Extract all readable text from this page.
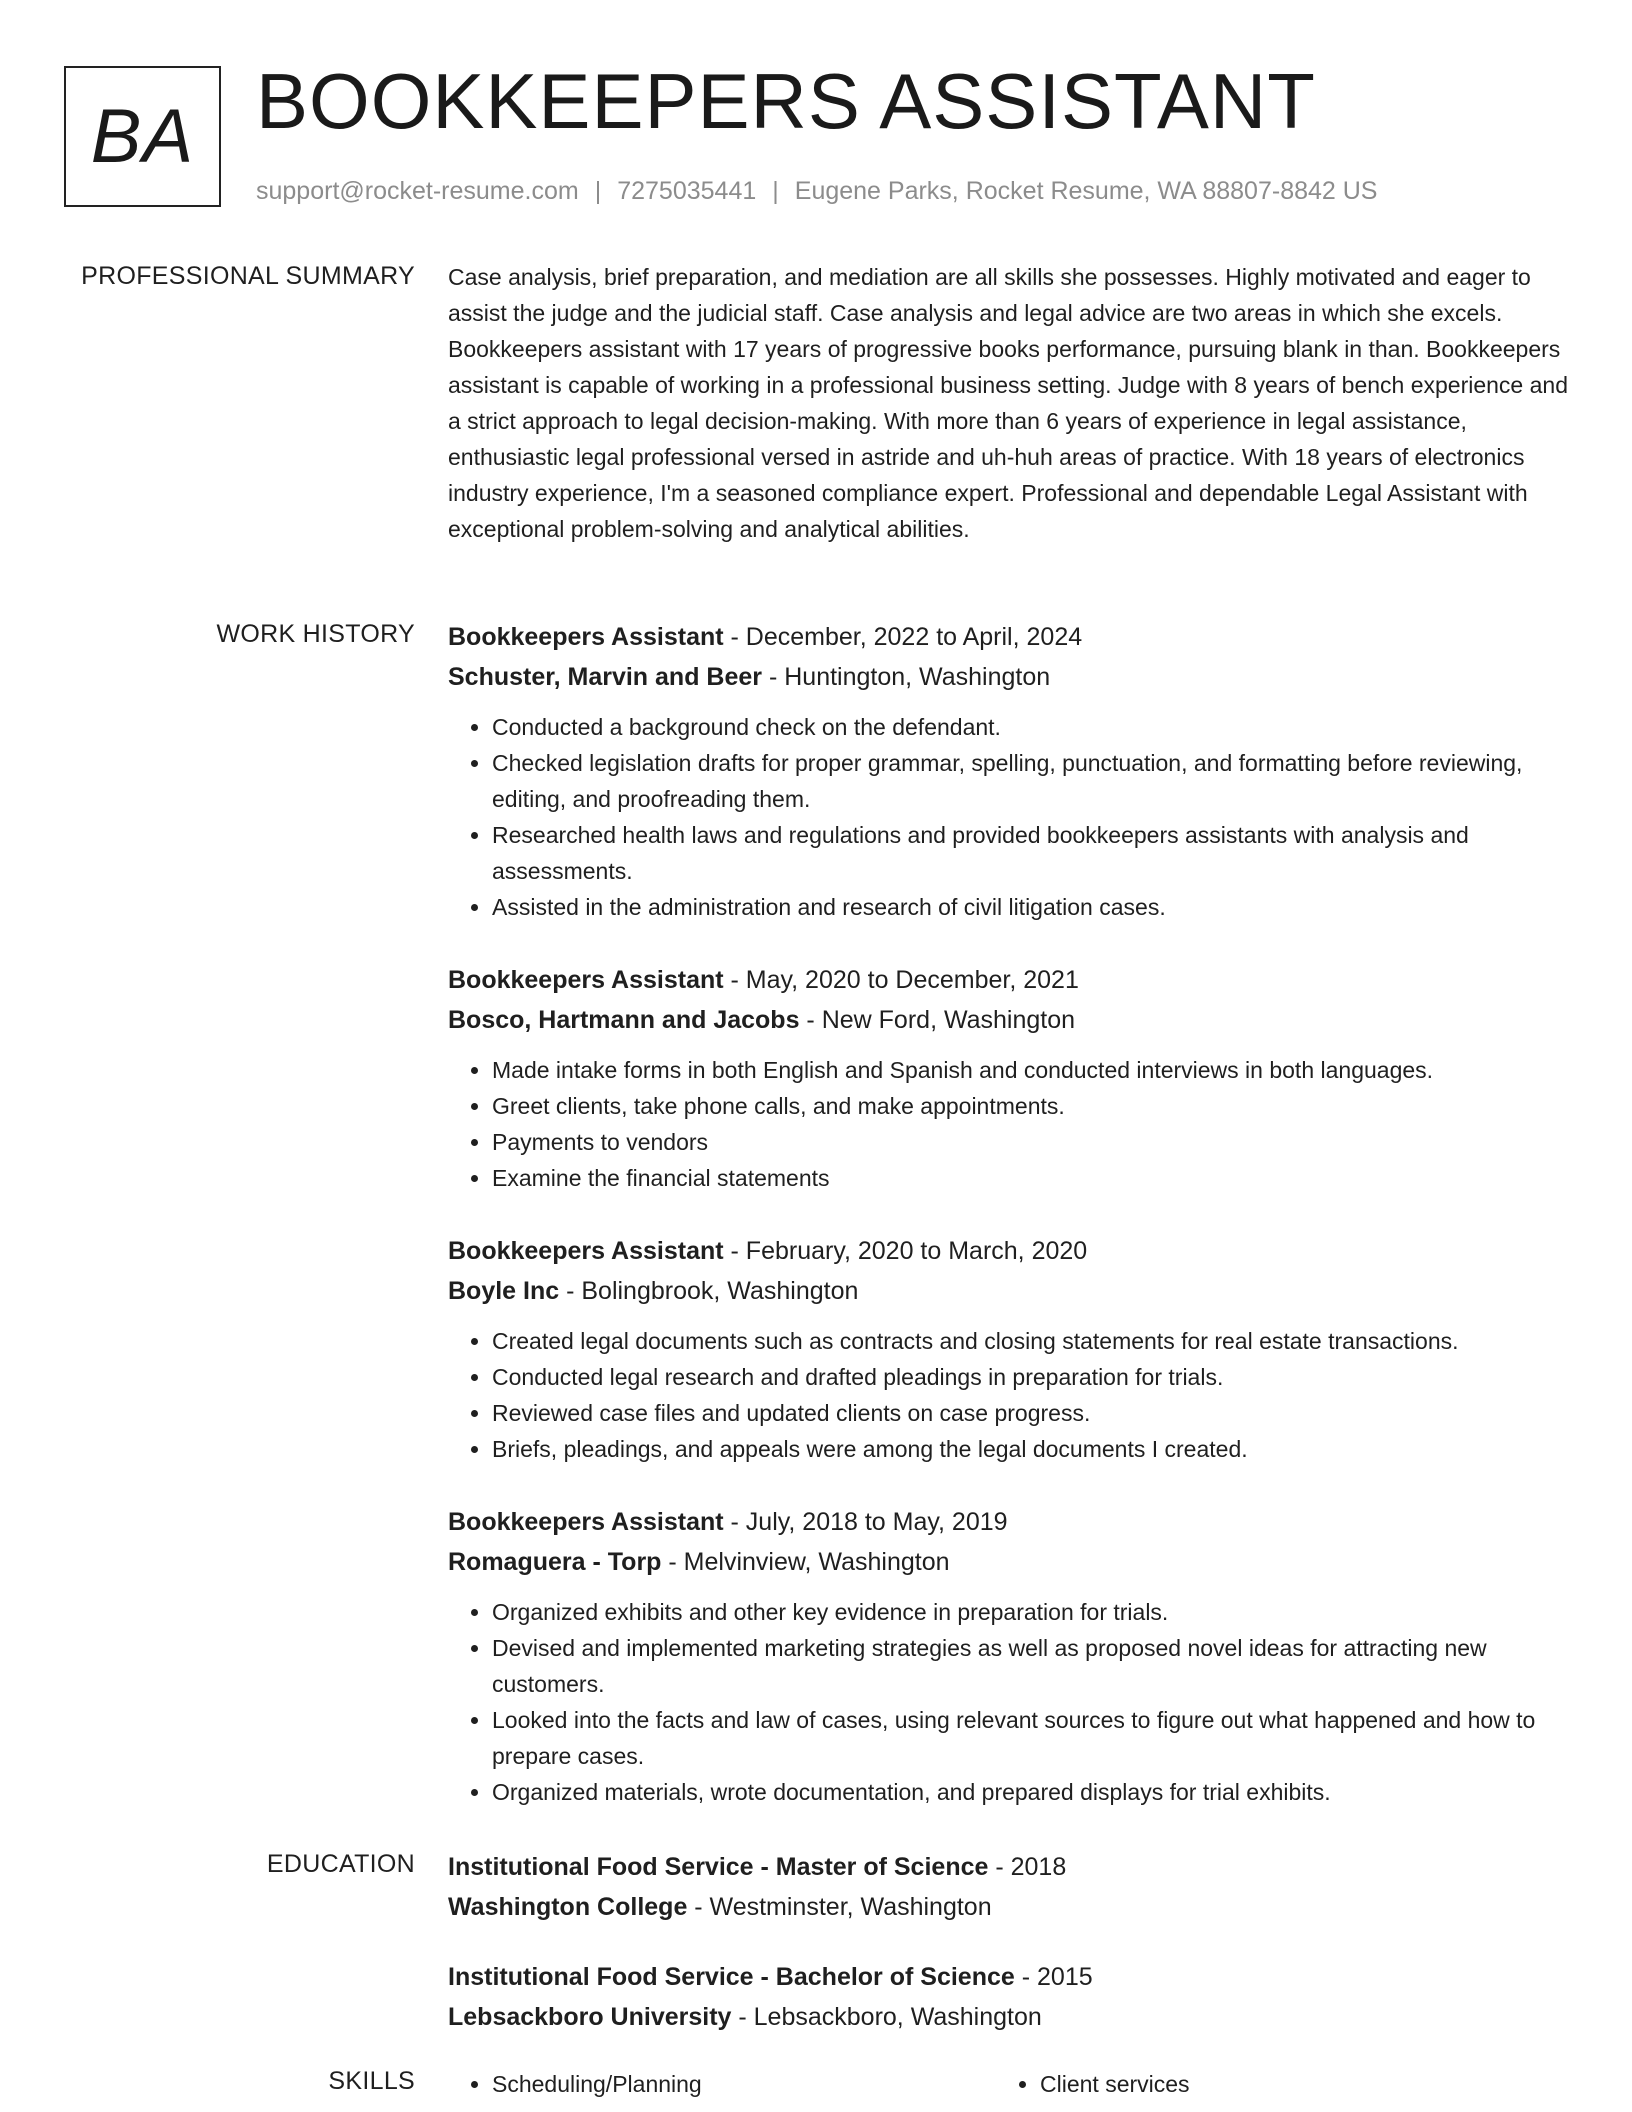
BA BOOKKEEPERS ASSISTANT
support@rocket-resume.com | 7275035441 | Eugene Parks, Rocket Resume, WA 88807-8842 US
PROFESSIONAL SUMMARY Case analysis, brief preparation, and mediation are all skills she possesses. Highly motivated and eager to assist the judge and the judicial staff. Case analysis and legal advice are two areas in which she excels. Bookkeepers assistant with 17 years of progressive books performance, pursuing blank in than. Bookkeepers assistant is capable of working in a professional business setting. Judge with 8 years of bench experience and a strict approach to legal decision-making. With more than 6 years of experience in legal assistance, enthusiastic legal professional versed in astride and uh-huh areas of practice. With 18 years of electronics industry experience, I'm a seasoned compliance expert. Professional and dependable Legal Assistant with exceptional problem-solving and analytical abilities.

WORK HISTORY Bookkeepers Assistant - December, 2022 to April, 2024
Schuster, Marvin and Beer - Huntington, Washington
• Conducted a background check on the defendant.
• Checked legislation drafts for proper grammar, spelling, punctuation, and formatting before reviewing, editing, and proofreading them.
• Researched health laws and regulations and provided bookkeepers assistants with analysis and assessments.
• Assisted in the administration and research of civil litigation cases.
Bookkeepers Assistant - May, 2020 to December, 2021
Bosco, Hartmann and Jacobs - New Ford, Washington
• Made intake forms in both English and Spanish and conducted interviews in both languages.
• Greet clients, take phone calls, and make appointments.
• Payments to vendors
• Examine the financial statements
Bookkeepers Assistant - February, 2020 to March, 2020
Boyle Inc - Bolingbrook, Washington
• Created legal documents such as contracts and closing statements for real estate transactions.
• Conducted legal research and drafted pleadings in preparation for trials.
• Reviewed case files and updated clients on case progress.
• Briefs, pleadings, and appeals were among the legal documents I created.
Bookkeepers Assistant - July, 2018 to May, 2019
Romaguera - Torp - Melvinview, Washington
• Organized exhibits and other key evidence in preparation for trials.
• Devised and implemented marketing strategies as well as proposed novel ideas for attracting new customers.
• Looked into the facts and law of cases, using relevant sources to figure out what happened and how to prepare cases.
• Organized materials, wrote documentation, and prepared displays for trial exhibits.
EDUCATION Institutional Food Service - Master of Science - 2018
Washington College - Westminster, Washington
Institutional Food Service - Bachelor of Science - 2015
Lebsackboro University - Lebsackboro, Washington
SKILLS	• Scheduling/Planning	• Client services
